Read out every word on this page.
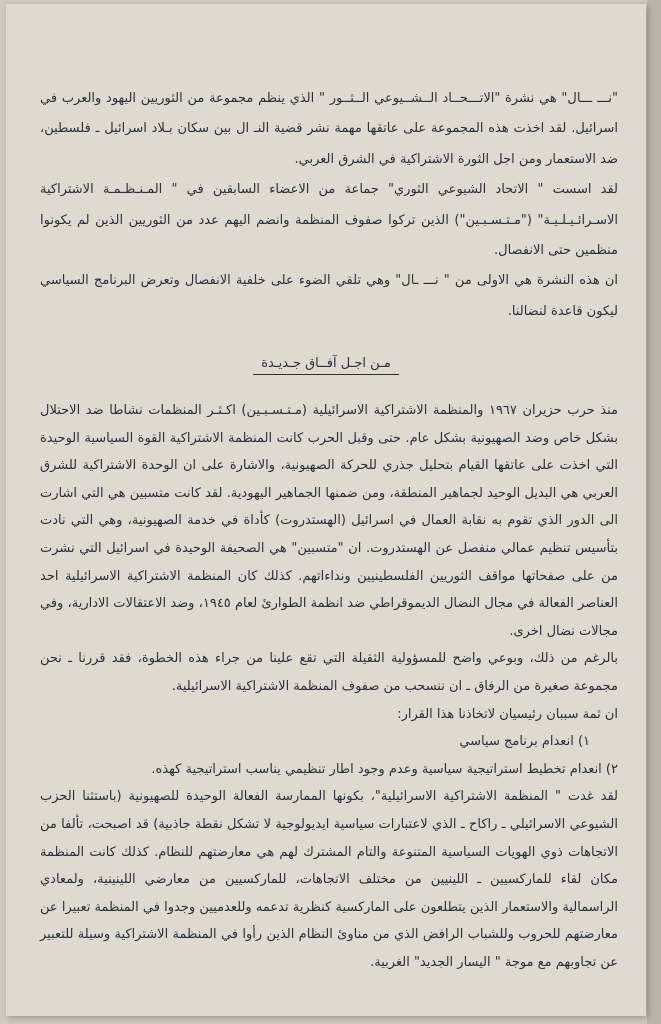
"نـــ ـــال" هي نشرة "الاتـــحــاد الــشــيوعي الــثــور " الذي ينظم مجموعة من الثوريين اليهود والعرب في اسرائيل. لقد اخذت هذه المجموعة على عاتقها مهمة نشر قضية النـ ال بين سكان بـلاد اسرائيل ـ فلسطين، ضد الاستعمار ومن اجل الثورة الاشتراكية في الشرق العربي.

لقد اسست " الاتحاد الشيوعي الثوري" جماعة من الاعضاء السابقين في " المـنـظـمـة الاشتراكية الاسـرائـيـلـيـة" ("مـتـسـبـين") الذين تركوا صفوف المنظمة وانضم اليهم عدد من الثوريين الذين لم يكونوا منظمين حتى الانفصال.

ان هذه النشرة هي الاولى من " نـــ ـال" وهي تلقي الضوء على خلفية الانفصال وتعرض البرنامج السياسي ليكون قاعدة لنضالنا.

مـن اجـل آفــاق جـديـدة

منذ حرب حزيران ١٩٦٧ والمنظمة الاشتراكية الاسرائيلية (مـتـسـبـين) اكـثـر المنظمات نشاطا ضد الاحتلال بشكل خاص وضد الصهيونية بشكل عام. حتى وقبل الحرب كانت المنظمة الاشتراكية القوة السياسية الوحيدة التي اخذت على عاتقها القيام بتحليل جذري للحركة الصهيونية، والاشارة على ان الوحدة الاشتراكية للشرق العربي هي البديل الوحيد لجماهير المنطقة، ومن ضمنها الجماهير اليهودية. لقد كانت متسبين هي التي اشارت الى الدور الذي تقوم به نقابة العمال في اسرائيل (الهستدروت) كأداة في خدمة الصهيونية، وهي التي نادت بتأسيس تنظيم عمالي منفصل عن الهستدروت. ان "متسبين" هي الصحيفة الوحيدة في اسرائيل التي نشرت من على صفحاتها مواقف الثوريين الفلسطينيين ونداءاتهم. كذلك كان المنظمة الاشتراكية الاسرائيلية احد العناصر الفعالة في مجال النضال الديموقراطي ضد انظمة الطوارئ لعام ١٩٤٥، وضد الاعتقالات الادارية، وفي مجالات نضال اخرى.

بالرغم من ذلك، وبوعي واضح للمسؤولية الثقيلة التي تقع علينا من جراء هذه الخطوة، فقد قررنا ـ نحن مجموعة صغيرة من الرفاق ـ ان ننسحب من صفوف المنظمة الاشتراكية الاسرائيلية.

ان ثمة سببان رئيسيان لاتخاذنا هذا القرار:

١) انعدام برنامج سياسي

٢) انعدام تخطيط استراتيجية سياسية وعدم وجود اطار تنظيمي يناسب استراتيجية كهذه.

لقد غدت " المنظمة الاشتراكية الاسرائيلية"، بكونها الممارسة الفعالة الوحيدة للصهيونية (باستثنا الحزب الشيوعي الاسرائيلي ـ راكاح ـ الذي لاعتبارات سياسية ايديولوجية لا تشكل نقطة جاذبية) قد اصبحت، تألفا من الاتجاهات ذوي الهويات السياسية المتنوعة والتام المشترك لهم هي معارضتهم للنظام. كذلك كانت المنظمة مكان لقاء للماركسيين ـ اللينيين من مختلف الاتجاهات، للماركسيين من معارضي اللينينية، ولمعادي الراسمالية والاستعمار الذين يتطلعون على الماركسية كنظرية تدعمه وللعدميين وجدوا في المنظمة تعبيرا عن معارضتهم للحروب وللشباب الرافض الذي من مناوئ النظام الذين رأوا في المنظمة الاشتراكية وسيلة للتعبير عن تجاوبهم مع موجة " اليسار الجديد" الغربية.
